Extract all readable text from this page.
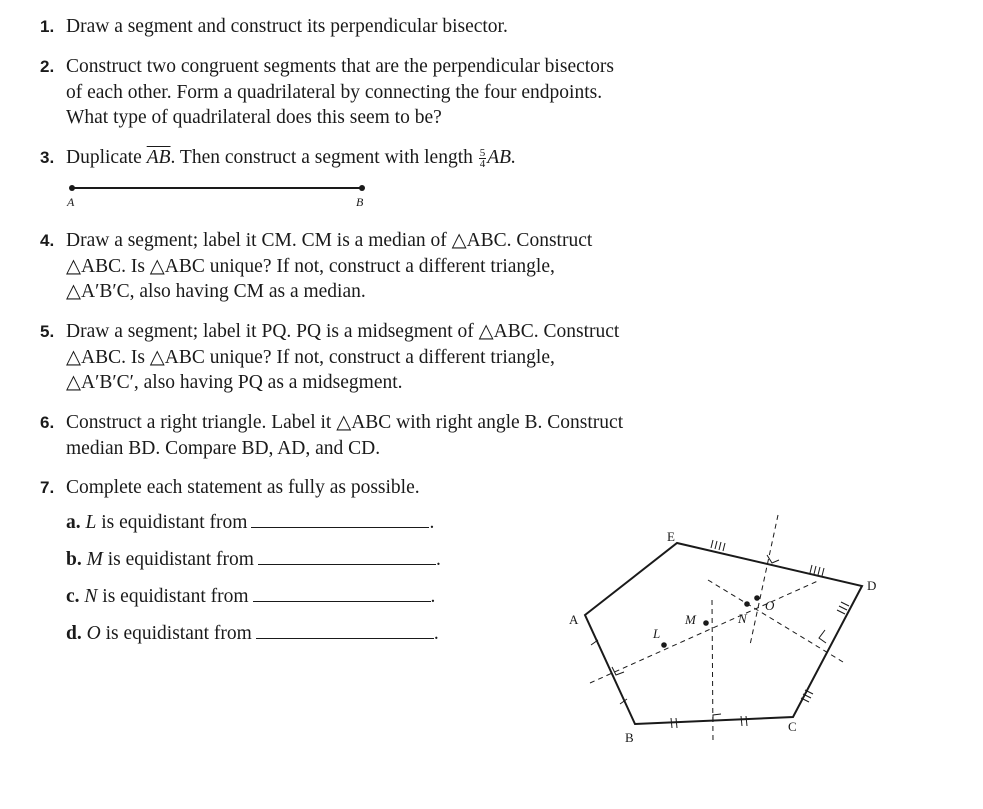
1. Draw a segment and construct its perpendicular bisector.
2. Construct two congruent segments that are the perpendicular bisectors
of each other. Form a quadrilateral by connecting the four endpoints.
What type of quadrilateral does this seem to be?
3. Duplicate $\overline{AB}$. Then construct a segment with length $\frac{5}{4}$ AB.
A	B
4. Draw a segment; label it CM. CM is a median of △ABC. Construct
△ABC. Is △ABC unique? If not, construct a different triangle,
△A′B′C, also having CM as a median.
5. Draw a segment; label it PQ. PQ is a midsegment of △ABC. Construct
△ABC. Is △ABC unique? If not, construct a different triangle,
△A′B′C′, also having PQ as a midsegment.
6. Construct a right triangle. Label it △ABC with right angle B. Construct
median BD. Compare BD, AD, and CD.
7. Complete each statement as fully as possible.
a. L is equidistant from	.
b. M is equidistant from	.
c. N is equidistant from	.
d. O is equidistant from	.
A
B
C
D
E
L
M	N
O
